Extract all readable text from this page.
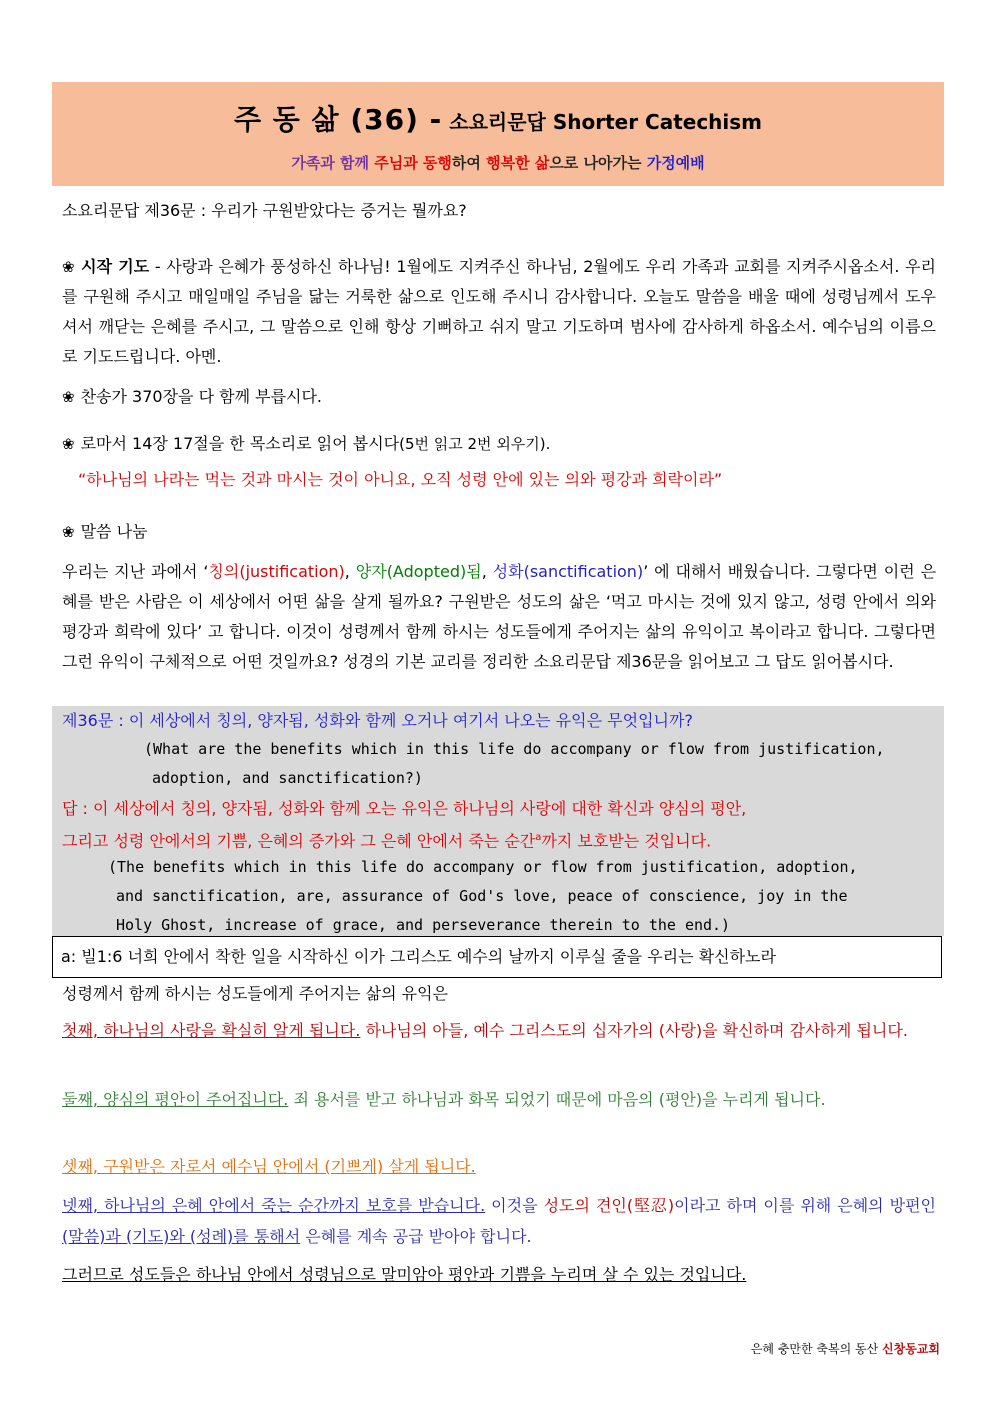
주 동 삶 (36) - 소요리문답 Shorter Catechism
가족과 함께 주님과 동행하여 행복한 삶으로 나아가는 가정예배
소요리문답 제36문 : 우리가 구원받았다는 증거는 뭘까요?
❀ 시작 기도 - 사랑과 은혜가 풍성하신 하나님! 1월에도 지켜주신 하나님, 2월에도 우리 가족과 교회를 지켜주시옵소서. 우리를 구원해 주시고 매일매일 주님을 닮는 거룩한 삶으로 인도해 주시니 감사합니다. 오늘도 말씀을 배울 때에 성령님께서 도우셔서 깨닫는 은혜를 주시고, 그 말씀으로 인해 항상 기뻐하고 쉬지 말고 기도하며 범사에 감사하게 하옵소서. 예수님의 이름으로 기도드립니다. 아멘.
❀ 찬송가 370장을 다 함께 부릅시다.
❀ 로마서 14장 17절을 한 목소리로 읽어 봅시다(5번 읽고 2번 외우기).
“하나님의 나라는 먹는 것과 마시는 것이 아니요, 오직 성령 안에 있는 의와 평강과 희락이라”
❀ 말씀 나눔
우리는 지난 과에서 ‘칭의(justification), 양자(Adopted)됨, 성화(sanctification)’ 에 대해서 배웠습니다. 그렇다면 이런 은혜를 받은 사람은 이 세상에서 어떤 삶을 살게 될까요? 구원받은 성도의 삶은 ‘먹고 마시는 것에 있지 않고, 성령 안에서 의와 평강과 희락에 있다’ 고 합니다. 이것이 성령께서 함께 하시는 성도들에게 주어지는 삶의 유익이고 복이라고 합니다. 그렇다면 그런 유익이 구체적으로 어떤 것일까요? 성경의 기본 교리를 정리한 소요리문답 제36문을 읽어보고 그 답도 읽어봅시다.
제36문 : 이 세상에서 칭의, 양자됨, 성화와 함께 오거나 여기서 나오는 유익은 무엇입니까?
(What are the benefits which in this life do accompany or flow from justification,
adoption, and sanctification?)
답 : 이 세상에서 칭의, 양자됨, 성화와 함께 오는 유익은 하나님의 사랑에 대한 확신과 양심의 평안,
그리고 성령 안에서의 기쁨, 은혜의 증가와 그 은혜 안에서 죽는 순간$^a$까지 보호받는 것입니다.
(The benefits which in this life do accompany or flow from justification, adoption,
and sanctification, are, assurance of God's love, peace of conscience, joy in the
Holy Ghost, increase of grace, and perseverance therein to the end.)
a: 빌1:6 너희 안에서 착한 일을 시작하신 이가 그리스도 예수의 날까지 이루실 줄을 우리는 확신하노라
성령께서 함께 하시는 성도들에게 주어지는 삶의 유익은
첫째, 하나님의 사랑을 확실히 알게 됩니다. 하나님의 아들, 예수 그리스도의 십자가의 (사랑)을 확신하며 감사하게 됩니다.
둘째, 양심의 평안이 주어집니다. 죄 용서를 받고 하나님과 화목 되었기 때문에 마음의 (평안)을 누리게 됩니다.
셋째, 구원받은 자로서 예수님 안에서 (기쁘게) 살게 됩니다.
넷째, 하나님의 은혜 안에서 죽는 순간까지 보호를 받습니다. 이것을 성도의 견인(堅忍)이라고 하며 이를 위해 은혜의 방편인 (말씀)과 (기도)와 (성례)를 통해서 은혜를 계속 공급 받아야 합니다.
그러므로 성도들은 하나님 안에서 성령님으로 말미암아 평안과 기쁨을 누리며 살 수 있는 것입니다.
은혜 충만한 축복의 동산 신창동교회
